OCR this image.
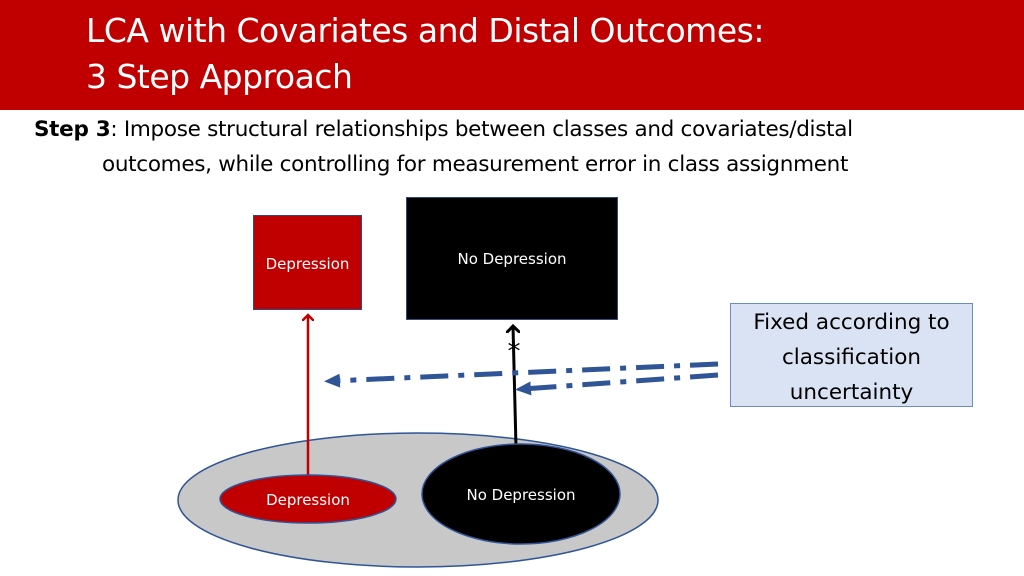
LCA with Covariates and Distal Outcomes:
3 Step Approach
Step 3: Impose structural relationships between classes and covariates/distal
outcomes, while controlling for measurement error in class assignment
Depression	No Depression
*
Depression	No Depression
Fixed according to
classification
uncertainty
